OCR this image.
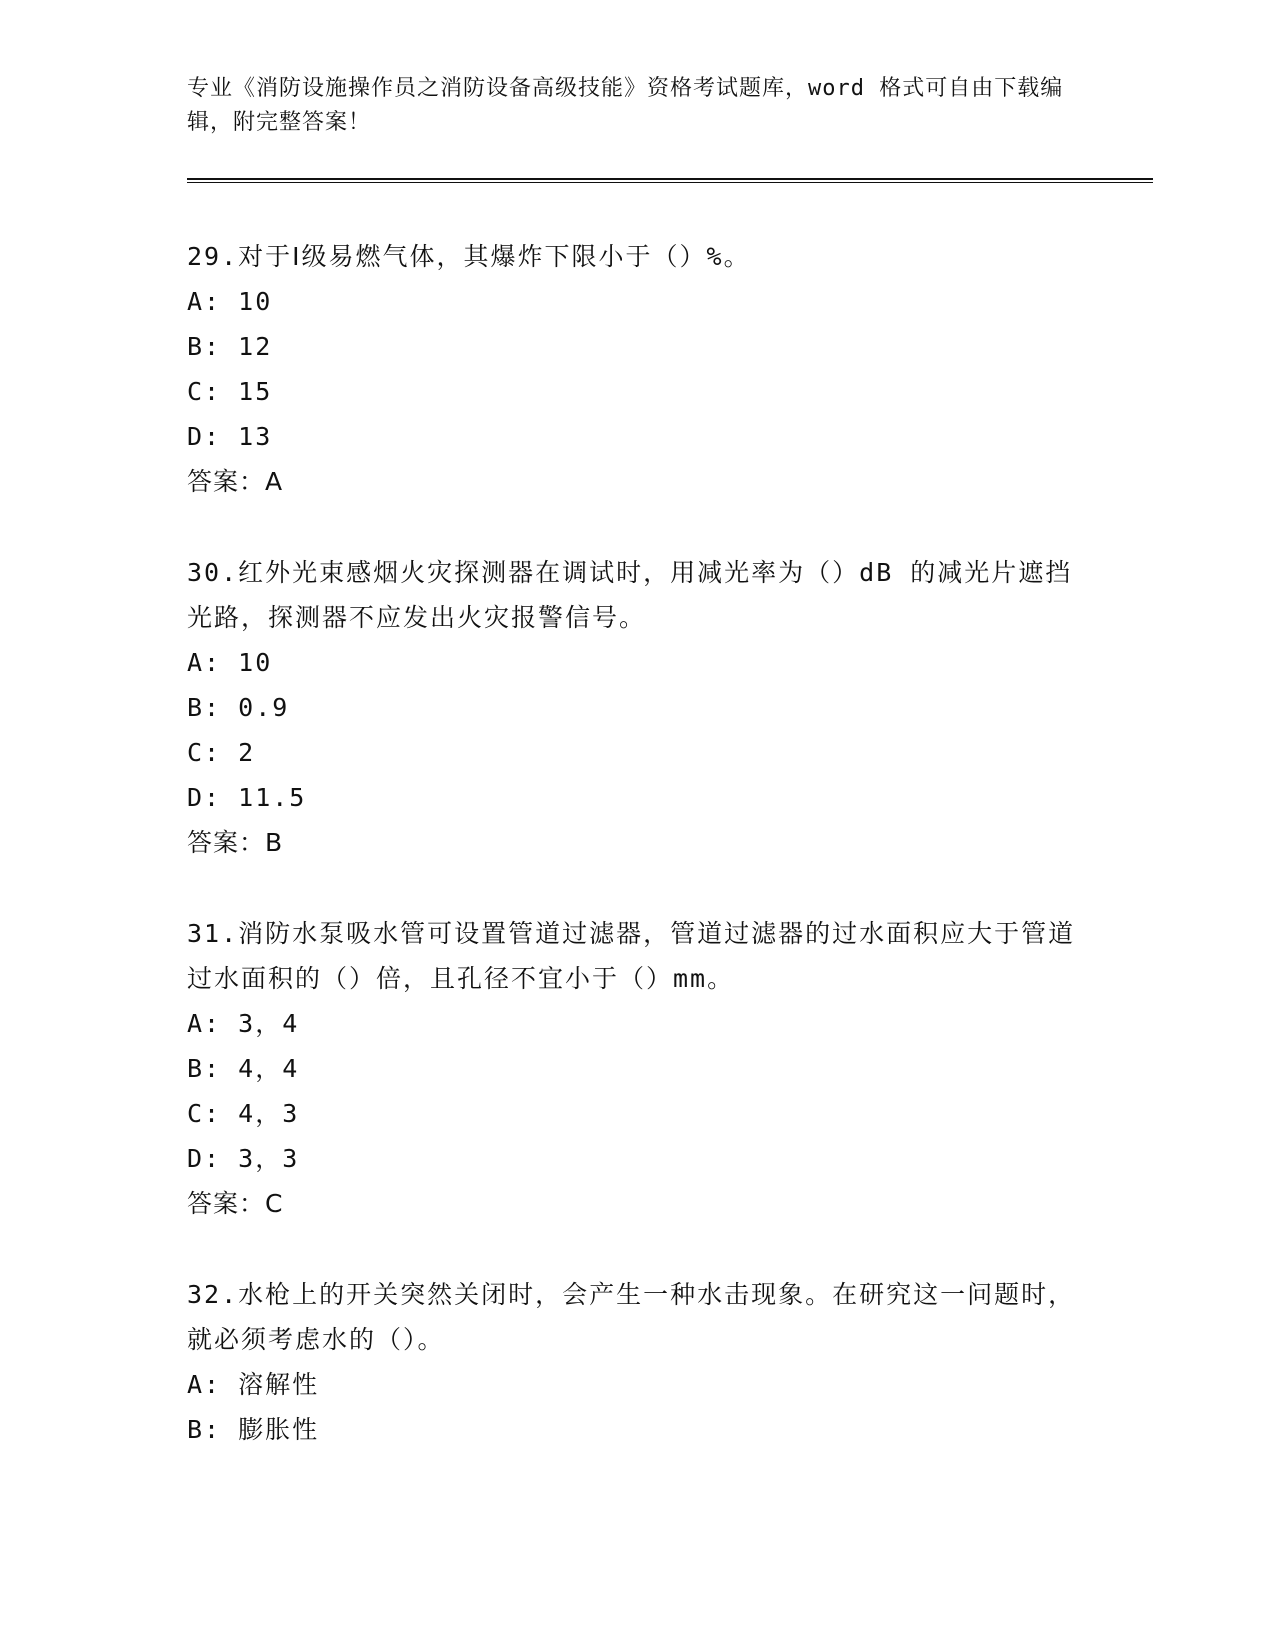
专业《消防设施操作员之消防设备高级技能》资格考试题库，word 格式可自由下载编辑，附完整答案！
29.对于Ⅰ级易燃气体，其爆炸下限小于（）%。
A: 10
B: 12
C: 15
D: 13
答案：A
30.红外光束感烟火灾探测器在调试时，用减光率为（）dB 的减光片遮挡光路，探测器不应发出火灾报警信号。
A: 10
B: 0.9
C: 2
D: 11.5
答案：B
31.消防水泵吸水管可设置管道过滤器，管道过滤器的过水面积应大于管道过水面积的（）倍，且孔径不宜小于（）mm。
A: 3，4
B: 4，4
C: 4，3
D: 3，3
答案：C
32.水枪上的开关突然关闭时，会产生一种水击现象。在研究这一问题时，就必须考虑水的（）。
A: 溶解性
B: 膨胀性
